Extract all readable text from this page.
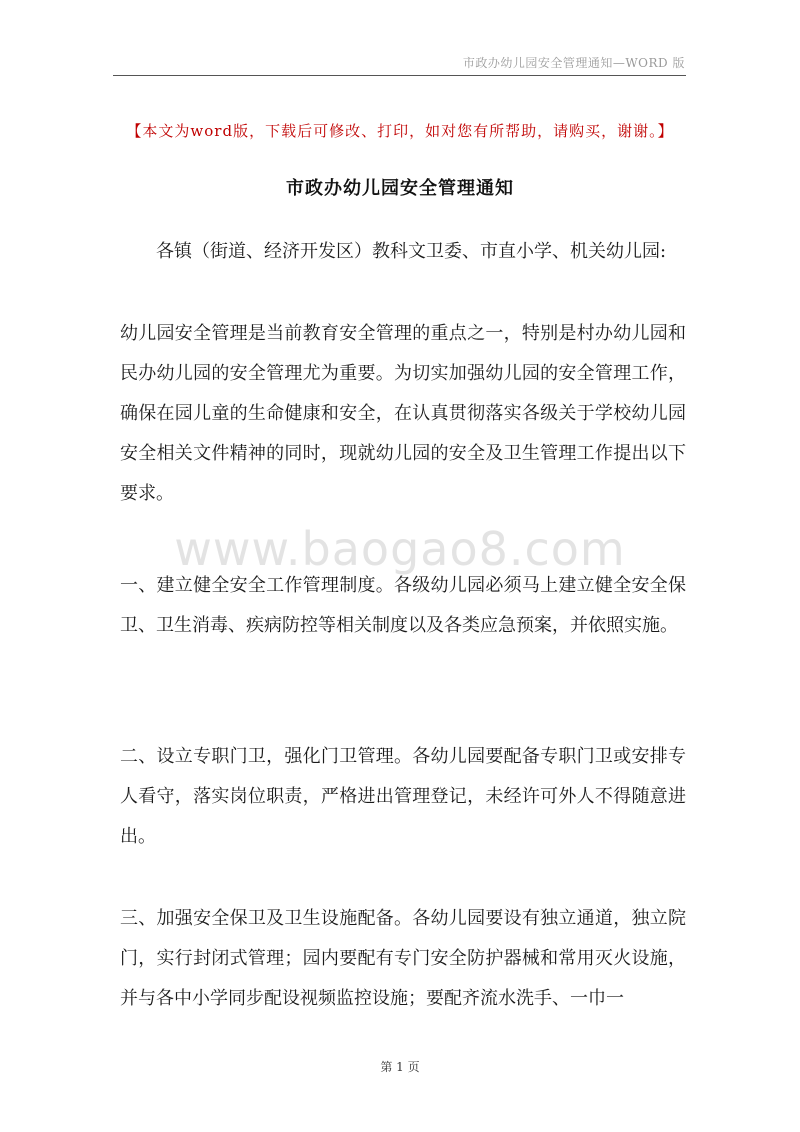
市政办幼儿园安全管理通知—WORD 版
【本文为word版，下载后可修改、打印，如对您有所帮助，请购买，谢谢。】
市政办幼儿园安全管理通知
各镇（街道、经济开发区）教科文卫委、市直小学、机关幼儿园:
幼儿园安全管理是当前教育安全管理的重点之一，特别是村办幼儿园和民办幼儿园的安全管理尤为重要。为切实加强幼儿园的安全管理工作，确保在园儿童的生命健康和安全，在认真贯彻落实各级关于学校幼儿园安全相关文件精神的同时，现就幼儿园的安全及卫生管理工作提出以下要求。
www.baogao8.com
一、建立健全安全工作管理制度。各级幼儿园必须马上建立健全安全保卫、卫生消毒、疾病防控等相关制度以及各类应急预案，并依照实施。
二、设立专职门卫，强化门卫管理。各幼儿园要配备专职门卫或安排专人看守，落实岗位职责，严格进出管理登记，未经许可外人不得随意进出。
三、加强安全保卫及卫生设施配备。各幼儿园要设有独立通道，独立院门，实行封闭式管理；园内要配有专门安全防护器械和常用灭火设施，并与各中小学同步配设视频监控设施；要配齐流水洗手、一巾一
第 1 页
